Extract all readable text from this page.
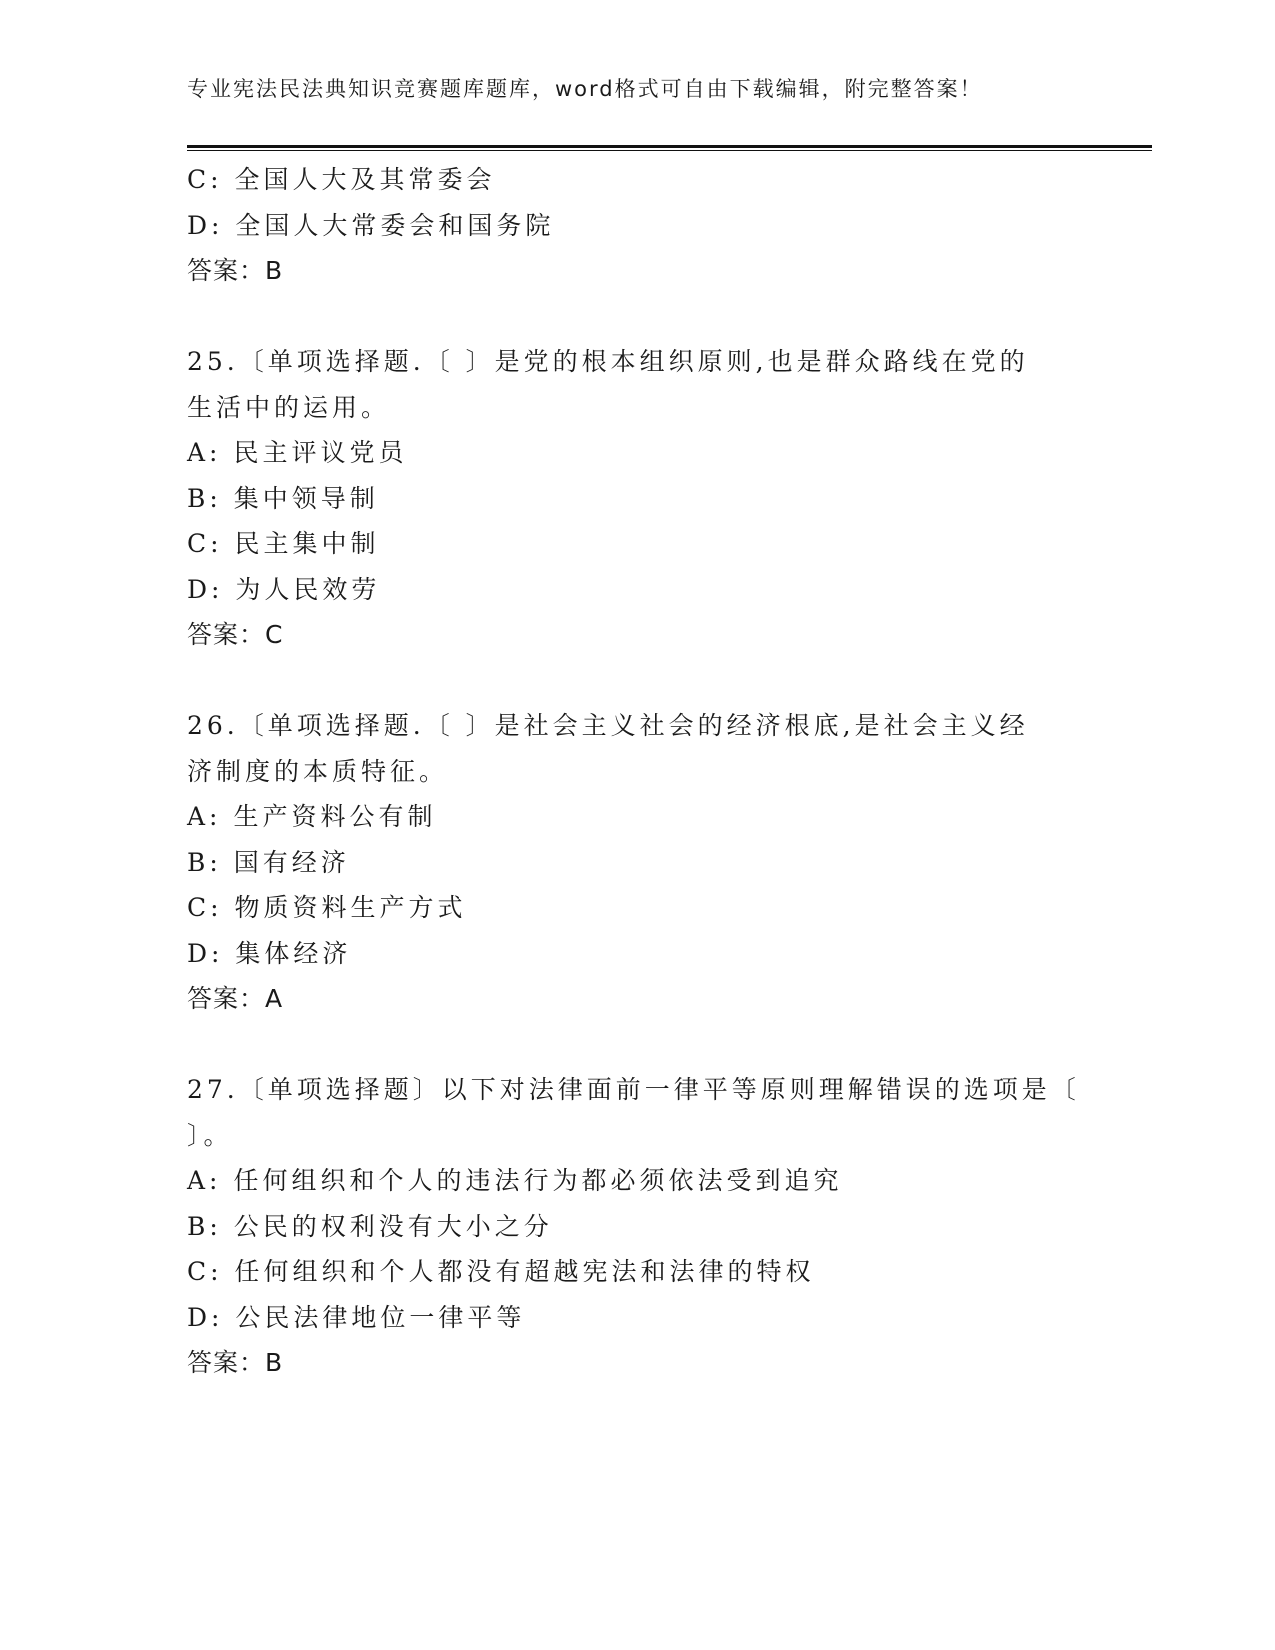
专业宪法民法典知识竞赛题库题库，word格式可自由下载编辑，附完整答案！
C: 全国人大及其常委会
D: 全国人大常委会和国务院
答案：B
25.〔单项选择题.〔 〕是党的根本组织原则,也是群众路线在党的
生活中的运用。
A: 民主评议党员
B: 集中领导制
C: 民主集中制
D: 为人民效劳
答案：C
26.〔单项选择题.〔 〕是社会主义社会的经济根底,是社会主义经
济制度的本质特征。
A: 生产资料公有制
B: 国有经济
C: 物质资料生产方式
D: 集体经济
答案：A
27.〔单项选择题〕以下对法律面前一律平等原则理解错误的选项是〔
〕。
A: 任何组织和个人的违法行为都必须依法受到追究
B: 公民的权利没有大小之分
C: 任何组织和个人都没有超越宪法和法律的特权
D: 公民法律地位一律平等
答案：B
